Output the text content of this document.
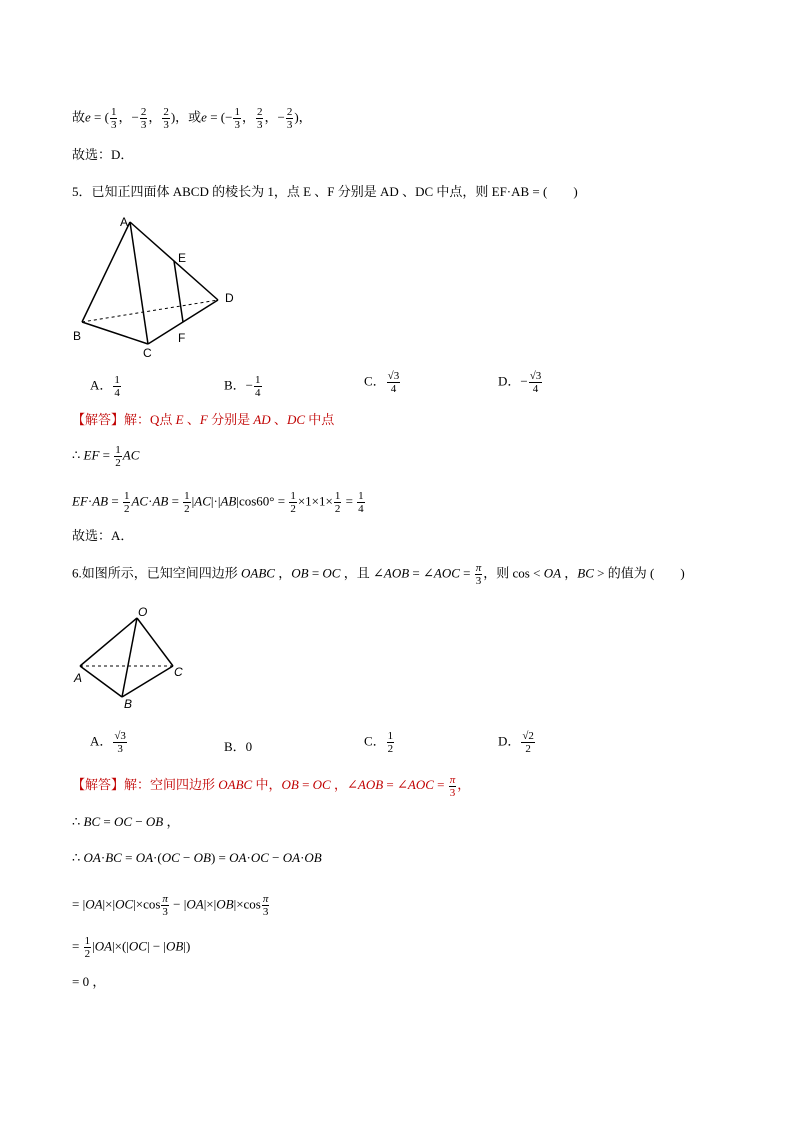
故e = ( $\frac{1}{3}$ ，− $\frac{2}{3}$ ， $\frac{2}{3}$ )，或e = (− $\frac{1}{3}$ ， $\frac{2}{3}$ ，− $\frac{2}{3}$ )，
故选：D．
5．已知正四面体 ABCD 的棱长为 1，点 E 、F 分别是 AD 、DC 中点，则 EF·AB = (　　)
A
B
C
D
E
F
A． $\frac{1}{4}$	B．− $\frac{1}{4}$	C． $\frac{√3}{4}$	D．− $\frac{√3}{4}$
【解答】解：Q点 E 、F 分别是 AD 、DC 中点
∴ EF = $\frac{1}{2}$ AC
$EF\cdot AB = \frac{1}{2} AC\cdot AB = \frac{1}{2} |AC|\cdot|AB|\cos 60^\circ = \frac{1}{2} \times 1\times 1\times \frac{1}{2} = \frac{1}{4}$
故选：A．
6.如图所示，已知空间四边形 OABC ，OB = OC ，且 ∠AOB = ∠AOC = $\frac{\pi}{3}$ ，则 cos < OA ，BC > 的值为 (　　)
O
A
B
C
A． $\frac{√3}{3}$	B．0	C． $\frac{1}{2}$	D． $\frac{√2}{2}$
【解答】解：空间四边形 OABC 中，OB = OC ，∠AOB = ∠AOC = $\frac{\pi}{3}$ ，
∴ BC = OC − OB ，
∴ OA·BC = OA·(OC − OB) = OA·OC − OA·OB
= $|OA|\times|OC|\times\cos \frac{\pi}{3} - |OA|\times|OB|\times\cos \frac{\pi}{3}$
= $\frac{1}{2} |OA|\times(|OC| - |OB|)$
= 0 ，
